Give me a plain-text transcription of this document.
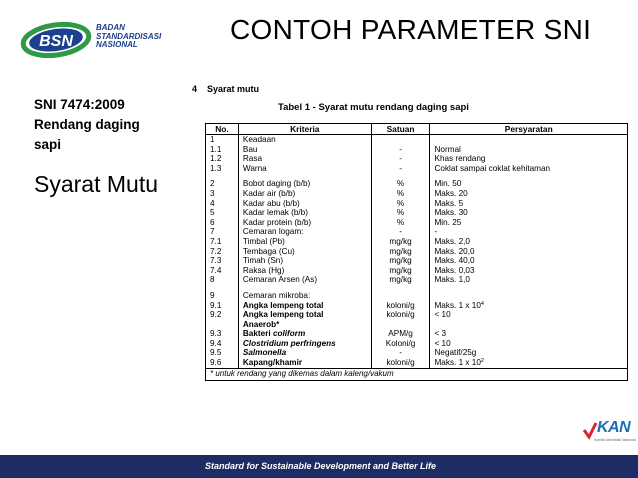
BSN
BADAN
STANDARDISASI
NASIONAL	CONTOH PARAMETER SNI
SNI 7474:2009
Rendang daging
sapi
Syarat Mutu
4 Syarat mutu
Tabel 1 - Syarat mutu rendang daging sapi
No.	Kriteria	Satuan	Persyaratan
1	Keadaan		
1.1	Bau	-	Normal
1.2	Rasa	-	Khas rendang
1.3	Warna	-	Coklat sampai coklat kehitaman

2	Bobot daging (b/b)	%	Min. 50
3	Kadar air (b/b)	%	Maks. 20
4	Kadar abu (b/b)	%	Maks. 5
5	Kadar lemak (b/b)	%	Maks. 30
6	Kadar protein (b/b)	%	Min. 25
7	Cemaran logam:	-	-
7.1	Timbal (Pb)	mg/kg	Maks. 2,0
7.2	Tembaga (Cu)	mg/kg	Maks. 20,0
7.3	Timah (Sn)	mg/kg	Maks. 40,0
7.4	Raksa (Hg)	mg/kg	Maks. 0,03
8	Cemaran Arsen (As)	mg/kg	Maks. 1,0

9	Cemaran mikroba:		
9.1	Angka lempeng total	koloni/g	Maks. 1 x $10^4$
9.2	Angka lempeng total	koloni/g	< 10
	Anaerob*		
9.3	Bakteri coliform	APM/g	< 3
9.4	Clostridium perfringens	Koloni/g	< 10
9.5	Salmonella	-	Negatif/25g
9.6	Kapang/khamir	koloni/g	Maks. 1 x $10^2$
* untuk rendang yang dikemas dalam kaleng/vakum			
KAN
Komite Akreditasi Nasional
Standard for Sustainable Development and Better Life
